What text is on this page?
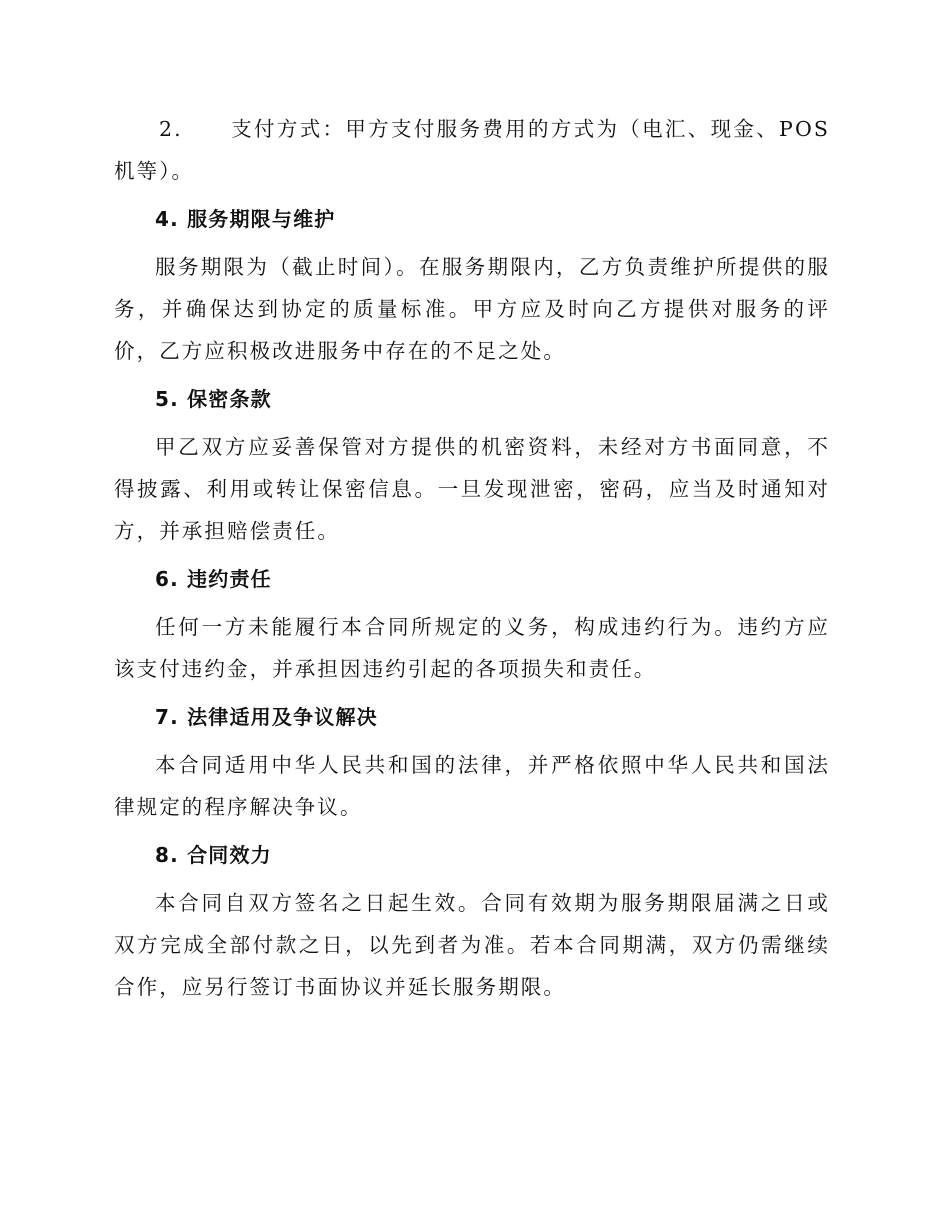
2. 支付方式：甲方支付服务费用的方式为（电汇、现金、POS机等）。

4. 服务期限与维护

服务期限为（截止时间）。在服务期限内，乙方负责维护所提供的服务，并确保达到协定的质量标准。甲方应及时向乙方提供对服务的评价，乙方应积极改进服务中存在的不足之处。

5. 保密条款

甲乙双方应妥善保管对方提供的机密资料，未经对方书面同意，不得披露、利用或转让保密信息。一旦发现泄密，密码，应当及时通知对方，并承担赔偿责任。

6. 违约责任

任何一方未能履行本合同所规定的义务，构成违约行为。违约方应该支付违约金，并承担因违约引起的各项损失和责任。

7. 法律适用及争议解决

本合同适用中华人民共和国的法律，并严格依照中华人民共和国法律规定的程序解决争议。

8. 合同效力

本合同自双方签名之日起生效。合同有效期为服务期限届满之日或双方完成全部付款之日，以先到者为准。若本合同期满，双方仍需继续合作，应另行签订书面协议并延长服务期限。
